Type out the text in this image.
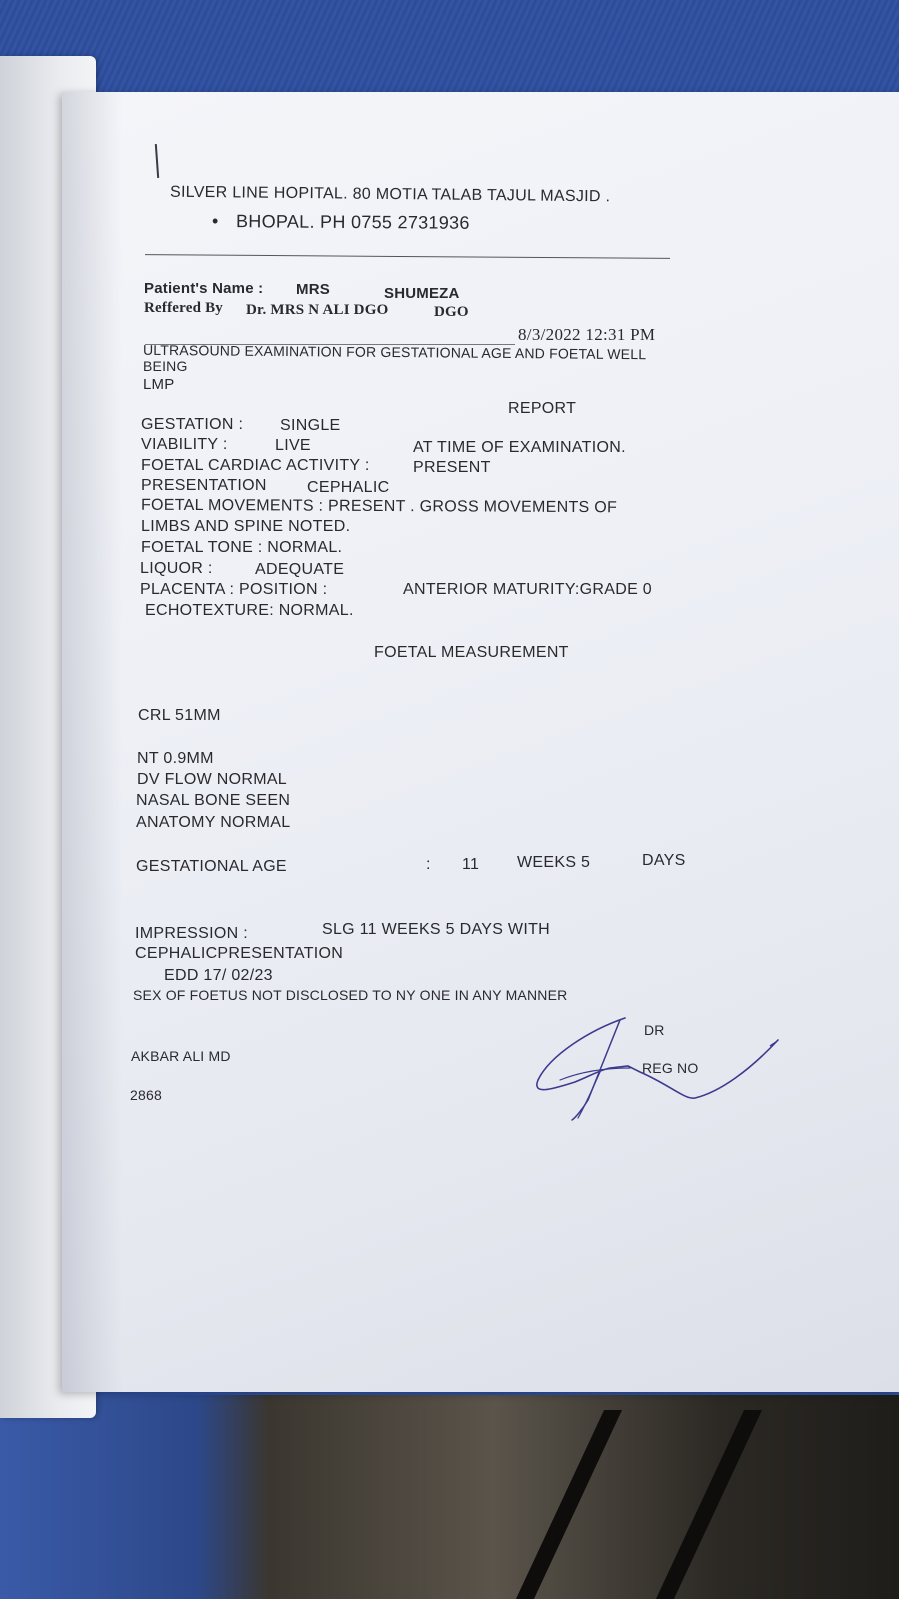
SILVER LINE HOPITAL. 80 MOTIA TALAB TAJUL MASJID .
• BHOPAL. PH 0755 2731936
Patient's Name : MRS	SHUMEZA
Reffered By Dr. MRS N ALI DGO	DGO
8/3/2022 12:31 PM
ULTRASOUND EXAMINATION FOR GESTATIONAL AGE AND FOETAL WELL
BEING
LMP
REPORT
GESTATION : SINGLE
VIABILITY :	LIVE	AT TIME OF EXAMINATION.
FOETAL CARDIAC ACTIVITY :	PRESENT
PRESENTATION	CEPHALIC
FOETAL MOVEMENTS : PRESENT . GROSS MOVEMENTS OF
LIMBS AND SPINE NOTED.
FOETAL TONE : NORMAL.
LIQUOR :	ADEQUATE
PLACENTA : POSITION :	ANTERIOR MATURITY:GRADE 0
ECHOTEXTURE: NORMAL.
FOETAL MEASUREMENT
CRL 51MM
NT 0.9MM
DV FLOW NORMAL
NASAL BONE SEEN
ANATOMY NORMAL
GESTATIONAL AGE	: 11 WEEKS 5	DAYS
IMPRESSION :	SLG 11 WEEKS 5 DAYS WITH
CEPHALICPRESENTATION
EDD 17/ 02/23
SEX OF FOETUS NOT DISCLOSED TO NY ONE IN ANY MANNER
DR
AKBAR ALI MD
REG NO
2868
